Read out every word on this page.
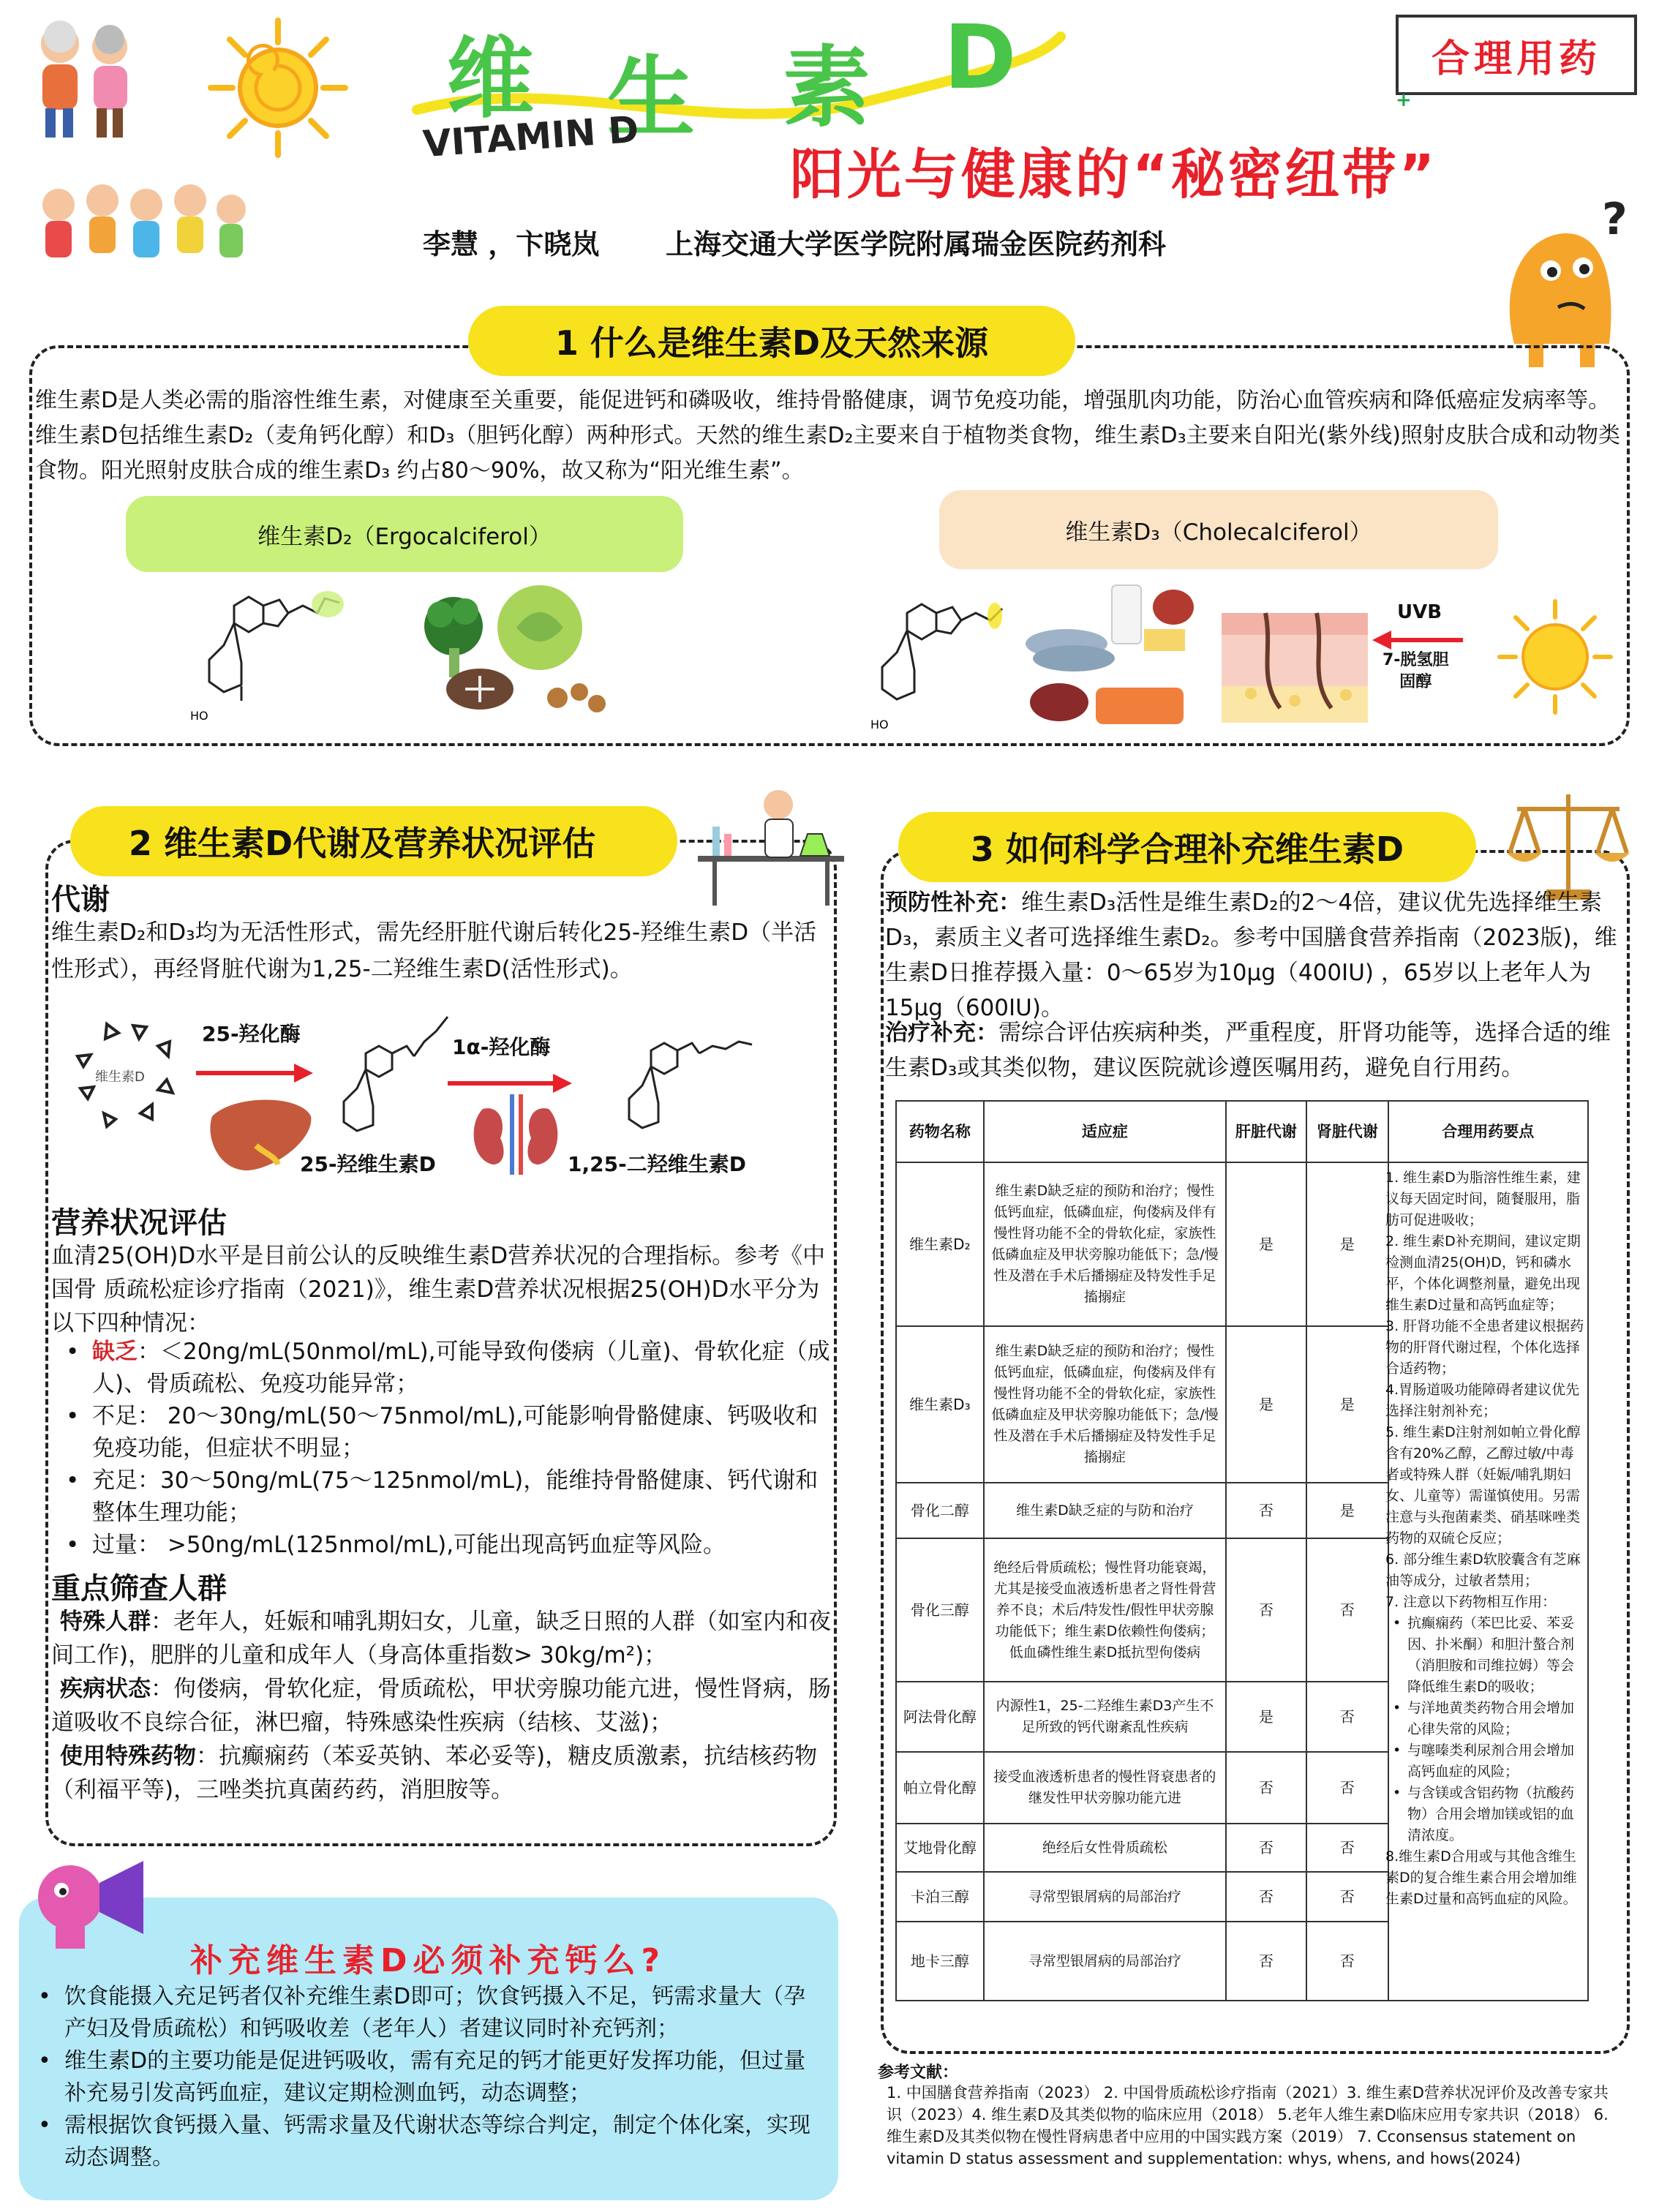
维 生 素 D
VITAMIN D
阳光与健康的“秘密纽带”
合理用药
+
李慧 ，卞晓岚 上海交通大学医学院附属瑞金医院药剂科	?
1 什么是维生素D及天然来源
维生素D是人类必需的脂溶性维生素，对健康至关重要，能促进钙和磷吸收，维持骨骼健康，调节免疫功能，增强肌肉功能，防治心血管疾病和降低癌症发病率等。维生素D包括维生素D₂（麦角钙化醇）和D₃（胆钙化醇）两种形式。天然的维生素D₂主要来自于植物类食物，维生素D₃主要来自阳光(紫外线)照射皮肤合成和动物类食物。阳光照射皮肤合成的维生素D₃ 约占80～90%，故又称为“阳光维生素”。
维生素D₂（Ergocalciferol）	维生素D₃（Cholecalciferol）
HO
HO
UVB
7-脱氢胆
固醇
2 维生素D代谢及营养状况评估
代谢
维生素D₂和D₃均为无活性形式，需先经肝脏代谢后转化25-羟维生素D（半活性形式），再经肾脏代谢为1,25-二羟维生素D(活性形式)。
维生素D
25-羟化酶
25-羟维生素D
1α-羟化酶
1,25-二羟维生素D
营养状况评估
血清25(OH)D水平是目前公认的反映维生素D营养状况的合理指标。参考《中国骨 质疏松症诊疗指南（2021)》，维生素D营养状况根据25(OH)D水平分为以下四种情况：
• 缺乏：＜20ng/mL(50nmol/mL),可能导致佝偻病（儿童)、骨软化症（成人)、骨质疏松、免疫功能异常；
• 不足： 20～30ng/mL(50～75nmol/mL),可能影响骨骼健康、钙吸收和免疫功能，但症状不明显；
• 充足：30～50ng/mL(75～125nmol/mL)，能维持骨骼健康、钙代谢和整体生理功能；
• 过量： >50ng/mL(125nmol/mL),可能出现高钙血症等风险。
重点筛查人群
特殊人群：老年人，妊娠和哺乳期妇女，儿童，缺乏日照的人群（如室内和夜间工作)，肥胖的儿童和成年人（身高体重指数> 30kg/m²)；
疾病状态：佝偻病，骨软化症，骨质疏松，甲状旁腺功能亢进，慢性肾病，肠道吸收不良综合征，淋巴瘤，特殊感染性疾病（结核、艾滋)；
使用特殊药物：抗癫痫药（苯妥英钠、苯必妥等)，糖皮质激素，抗结核药物（利福平等)，三唑类抗真菌药药，消胆胺等。
补充维生素D必须补充钙么?
• 饮食能摄入充足钙者仅补充维生素D即可；饮食钙摄入不足，钙需求量大（孕产妇及骨质疏松）和钙吸收差（老年人）者建议同时补充钙剂；
• 维生素D的主要功能是促进钙吸收，需有充足的钙才能更好发挥功能，但过量补充易引发高钙血症，建议定期检测血钙，动态调整；
• 需根据饮食钙摄入量、钙需求量及代谢状态等综合判定，制定个体化案，实现动态调整。
3 如何科学合理补充维生素D
预防性补充：维生素D₃活性是维生素D₂的2～4倍，建议优先选择维生素D₃，素质主义者可选择维生素D₂。参考中国膳食营养指南（2023版)，维生素D日推荐摄入量：0～65岁为10μg（400IU) ，65岁以上老年人为15μg（600IU)。
治疗补充：需综合评估疾病种类，严重程度，肝肾功能等，选择合适的维生素D₃或其类似物，建议医院就诊遵医嘱用药，避免自行用药。
药物名称	适应症	肝脏代谢	肾脏代谢	合理用药要点
维生素D₂	维生素D缺乏症的预防和治疗；慢性低钙血症，低磷血症，佝偻病及伴有慢性肾功能不全的骨软化症，家族性低磷血症及甲状旁腺功能低下；急/慢性及潜在手术后播搦症及特发性手足搐搦症	是	是	
维生素D₃	维生素D缺乏症的预防和治疗；慢性低钙血症，低磷血症，佝偻病及伴有慢性肾功能不全的骨软化症，家族性低磷血症及甲状旁腺功能低下；急/慢性及潜在手术后播搦症及特发性手足搐搦症	是	是	
骨化二醇	维生素D缺乏症的与防和治疗	否	是	
骨化三醇	绝经后骨质疏松；慢性肾功能衰竭，尤其是接受血液透析患者之肾性骨营养不良；术后/特发性/假性甲状旁腺功能低下；维生素D依赖性佝偻病；低血磷性维生素D抵抗型佝偻病	否	否	
阿法骨化醇	内源性1，25-二羟维生素D3产生不足所致的钙代谢紊乱性疾病	是	否	
帕立骨化醇	接受血液透析患者的慢性肾衰患者的继发性甲状旁腺功能亢进	否	否	
艾地骨化醇	绝经后女性骨质疏松	否	否	
卡泊三醇	寻常型银屑病的局部治疗	否	否	
地卡三醇	寻常型银屑病的局部治疗	否	否	
1. 维生素D为脂溶性维生素，建议每天固定时间，随餐服用，脂肪可促进吸收；
2. 维生素D补充期间，建议定期检测血清25(OH)D，钙和磷水平，个体化调整剂量，避免出现维生素D过量和高钙血症等；
3. 肝肾功能不全患者建议根据药物的肝肾代谢过程，个体化选择合适药物；
4.胃肠道吸功能障碍者建议优先选择注射剂补充；
5. 维生素D注射剂如帕立骨化醇含有20%乙醇，乙醇过敏/中毒者或特殊人群（妊娠/哺乳期妇女、儿童等）需谨慎使用。另需注意与头孢菌素类、硝基咪唑类药物的双硫仑反应；
6. 部分维生素D软胶囊含有芝麻油等成分，过敏者禁用；
7. 注意以下药物相互作用：
• 抗癫痫药（苯巴比妥、苯妥因、扑米酮）和胆汁螯合剂（消胆胺和司维拉姆）等会降低维生素D的吸收；
• 与洋地黄类药物合用会增加心律失常的风险；
• 与噻嗪类利尿剂合用会增加高钙血症的风险；
• 与含镁或含铝药物（抗酸药物）合用会增加镁或铝的血清浓度。
8.维生素D合用或与其他含维生素D的复合维生素合用会增加维生素D过量和高钙血症的风险。
参考文献：
1. 中国膳食营养指南（2023） 2. 中国骨质疏松诊疗指南（2021）3. 维生素D营养状况评价及改善专家共识（2023）4. 维生素D及其类似物的临床应用（2018） 5.老年人维生素D临床应用专家共识（2018） 6. 维生素D及其类似物在慢性肾病患者中应用的中国实践方案（2019） 7. Cconsensus statement on vitamin D status assessment and supplementation: whys, whens, and hows(2024)
